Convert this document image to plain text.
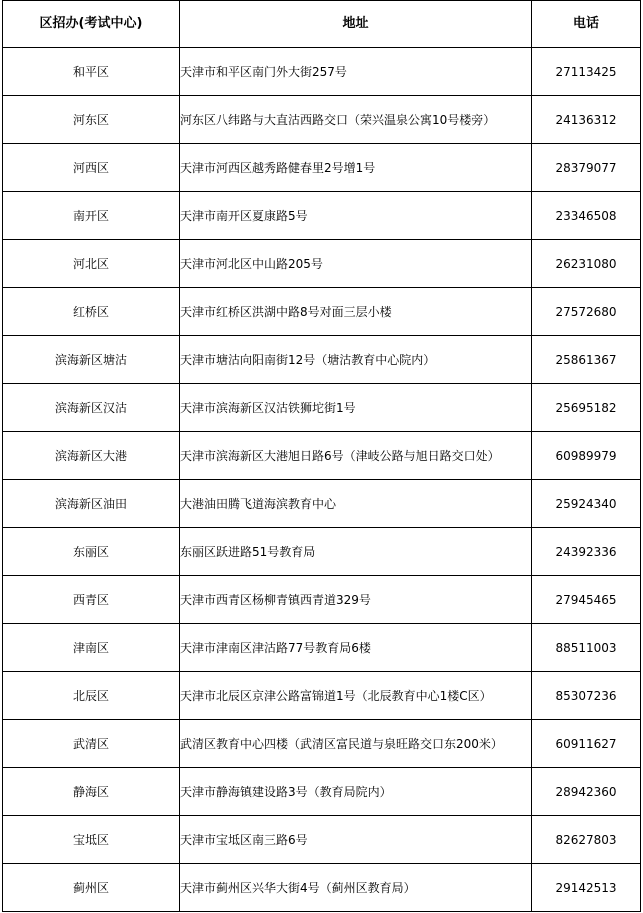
区招办(考试中心)	地址	电话
和平区	天津市和平区南门外大街257号	27113425
河东区	河东区八纬路与大直沽西路交口（荣兴温泉公寓10号楼旁）	24136312
河西区	天津市河西区越秀路健春里2号增1号	28379077
南开区	天津市南开区夏康路5号	23346508
河北区	天津市河北区中山路205号	26231080
红桥区	天津市红桥区洪湖中路8号对面三层小楼	27572680
滨海新区塘沽	天津市塘沽向阳南街12号（塘沽教育中心院内）	25861367
滨海新区汉沽	天津市滨海新区汉沽铁狮坨街1号	25695182
滨海新区大港	天津市滨海新区大港旭日路6号（津岐公路与旭日路交口处）	60989979
滨海新区油田	大港油田腾飞道海滨教育中心	25924340
东丽区	东丽区跃进路51号教育局	24392336
西青区	天津市西青区杨柳青镇西青道329号	27945465
津南区	天津市津南区津沽路77号教育局6楼	88511003
北辰区	天津市北辰区京津公路富锦道1号（北辰教育中心1楼C区）	85307236
武清区	武清区教育中心四楼（武清区富民道与泉旺路交口东200米）	60911627
静海区	天津市静海镇建设路3号（教育局院内）	28942360
宝坻区	天津市宝坻区南三路6号	82627803
蓟州区	天津市蓟州区兴华大街4号（蓟州区教育局）	29142513
